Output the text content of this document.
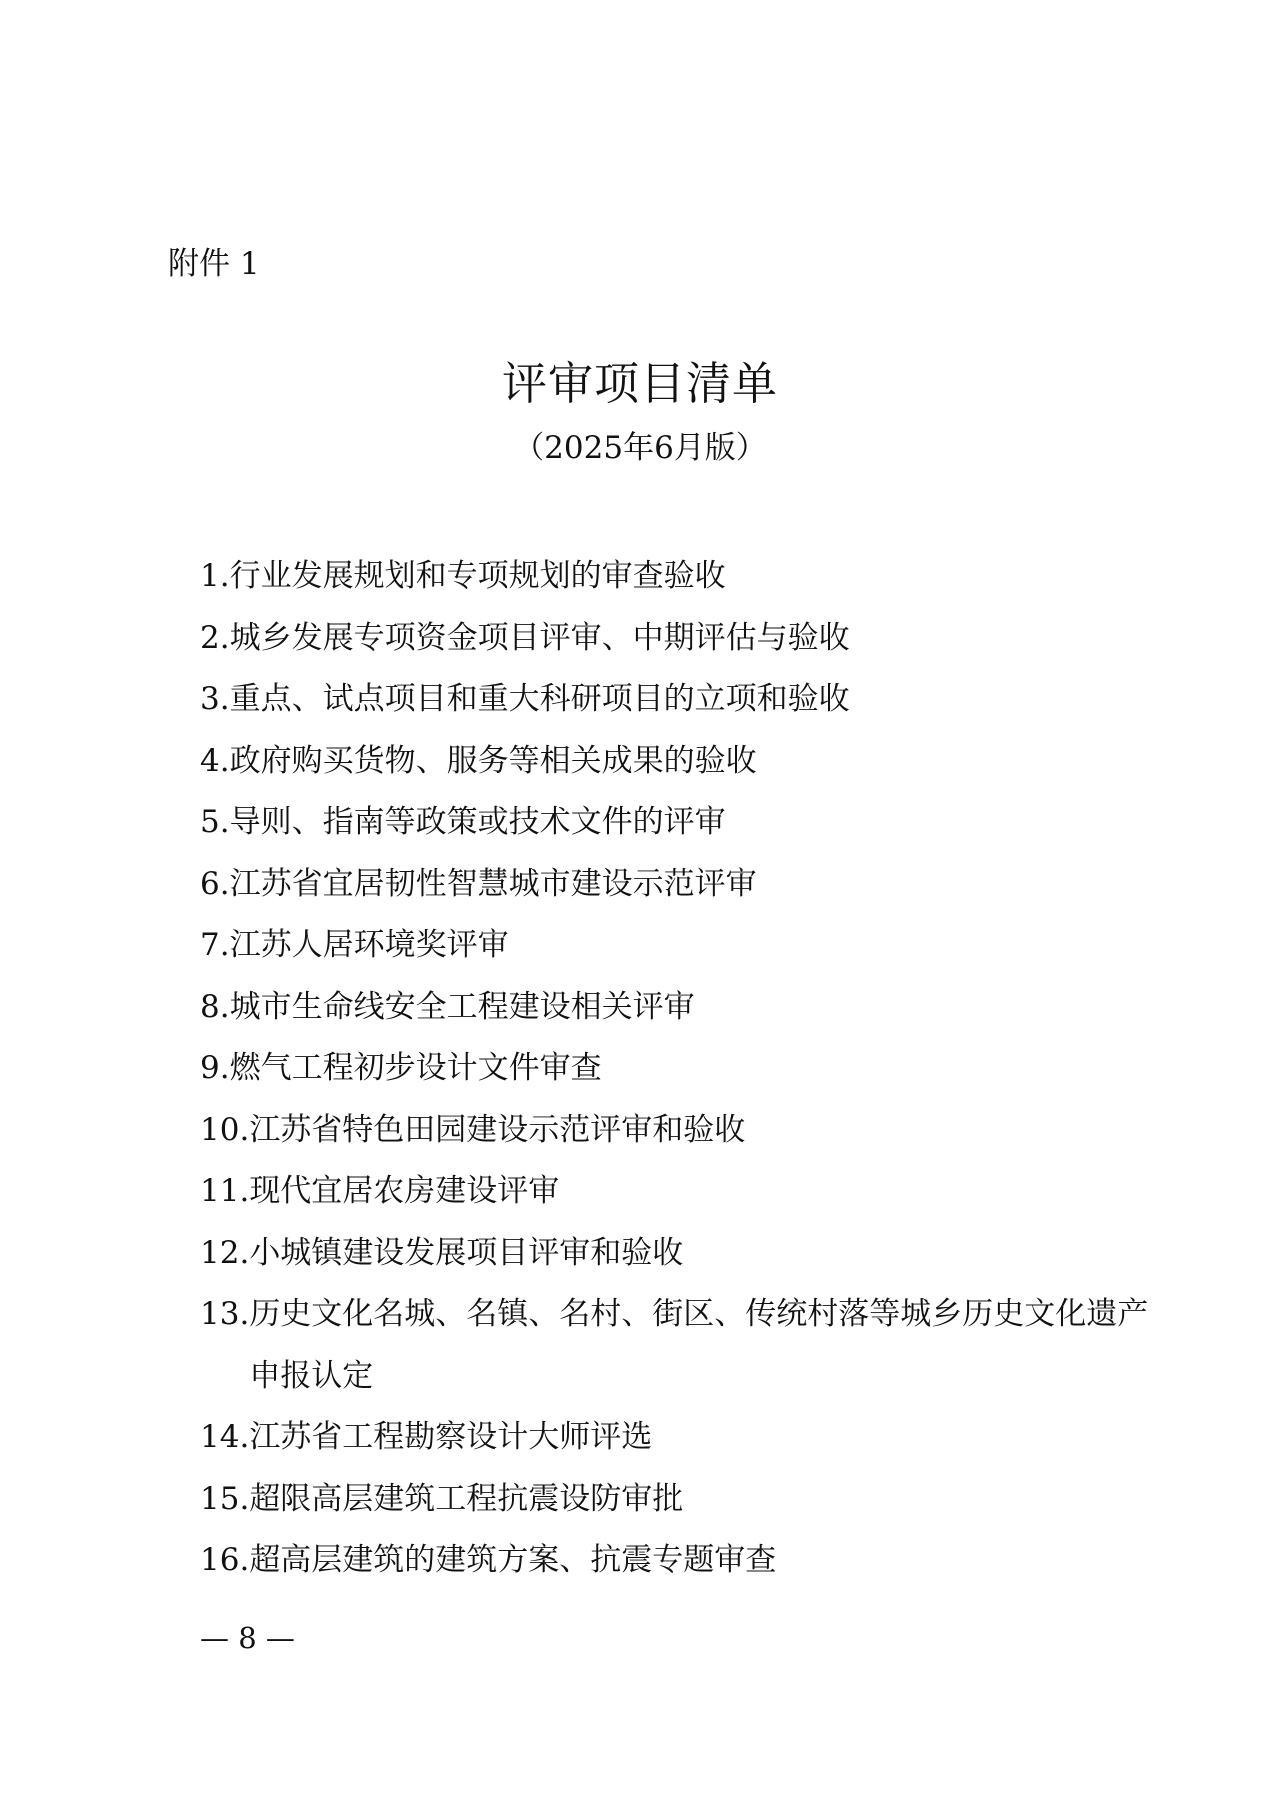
附件 1
评审项目清单
（2025年6月版）
1. 行业发展规划和专项规划的审查验收
2. 城乡发展专项资金项目评审、中期评估与验收
3. 重点、试点项目和重大科研项目的立项和验收
4. 政府购买货物、服务等相关成果的验收
5. 导则、指南等政策或技术文件的评审
6. 江苏省宜居韧性智慧城市建设示范评审
7. 江苏人居环境奖评审
8. 城市生命线安全工程建设相关评审
9. 燃气工程初步设计文件审查
10. 江苏省特色田园建设示范评审和验收
11. 现代宜居农房建设评审
12. 小城镇建设发展项目评审和验收
13. 历史文化名城、名镇、名村、街区、传统村落等城乡历史文化遗产申报认定
14. 江苏省工程勘察设计大师评选
15. 超限高层建筑工程抗震设防审批
16. 超高层建筑的建筑方案、抗震专题审查
— 8 —
